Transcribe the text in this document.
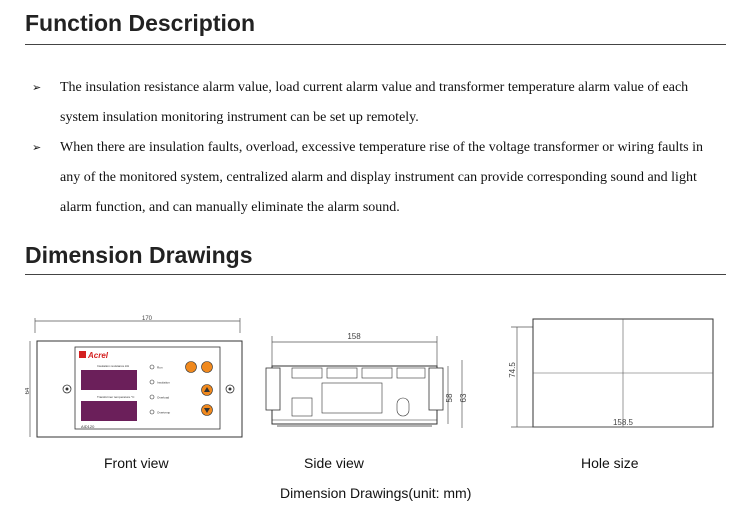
Function Description
➢ The insulation resistance alarm value, load current alarm value and transformer temperature alarm value of each system insulation monitoring instrument can be set up remotely.
➢ When there are insulation faults, overload, excessive temperature rise of the voltage transformer or wiring faults in any of the monitored system, centralized alarm and display instrument can provide corresponding sound and light alarm function, and can manually eliminate the alarm sound.
Dimension Drawings
170
64
Acrel
Insulation resistance kΩ
Transformer temperature °C
AID120
Run
Insulation
Overload
Overtemp
158
58 63
74.5
158.5
Front view	Side view	Hole size
Dimension Drawings(unit: mm)
